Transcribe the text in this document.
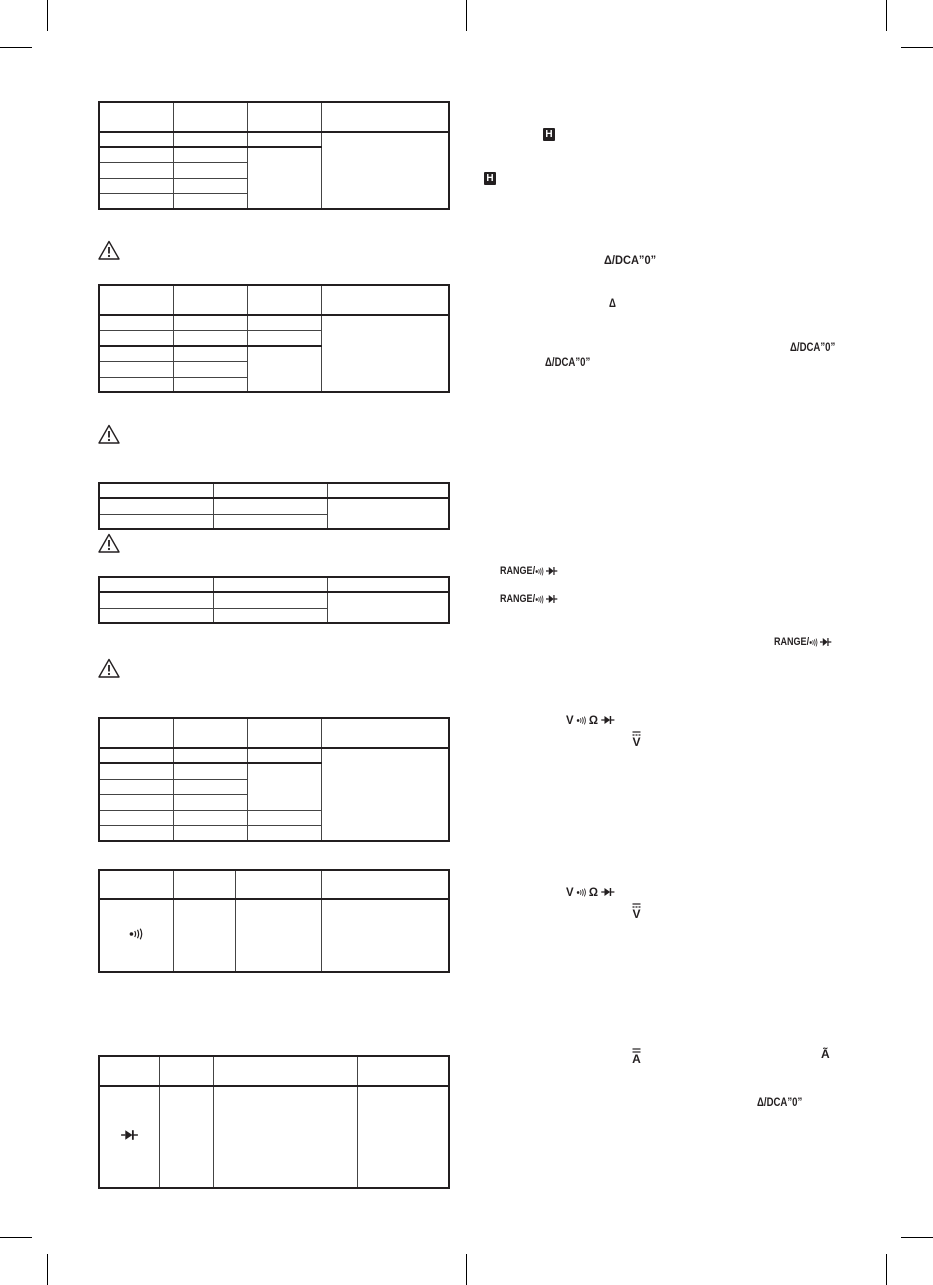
H
H
Δ/DCA”0”
Δ
Δ/DCA”0”
Δ/DCA”0”
RANGE/
RANGE/
RANGE/
V Ω
V
V Ω
V
A	Ã
Δ/DCA”0”
